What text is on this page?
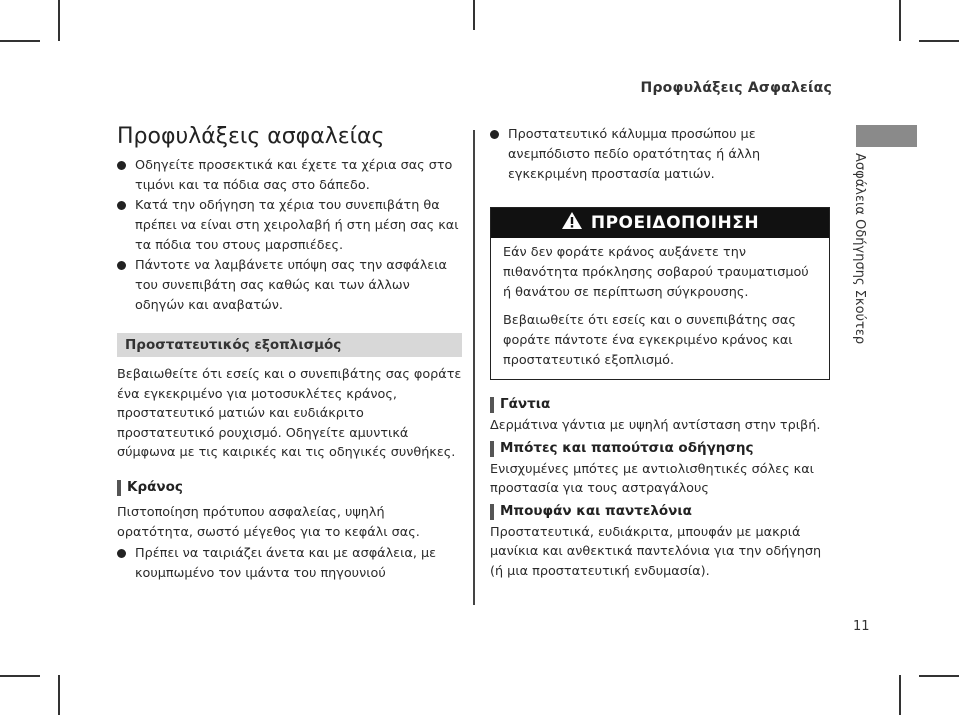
Προφυλάξεις Ασφαλείας
Ασφάλεια Οδήγησης Σκούτερ
Προφυλάξεις ασφαλείας

Οδηγείτε προσεκτικά και έχετε τα χέρια σας στο τιμόνι και τα πόδια σας στο δάπεδο.

Κατά την οδήγηση τα χέρια του συνεπιβάτη θα πρέπει να είναι στη χειρολαβή ή στη μέση σας και τα πόδια του στους μαρσπιέδες.

Πάντοτε να λαμβάνετε υπόψη σας την ασφάλεια του συνεπιβάτη σας καθώς και των άλλων οδηγών και αναβατών.

Προστατευτικός εξοπλισμός

Βεβαιωθείτε ότι εσείς και ο συνεπιβάτης σας φοράτε ένα εγκεκριμένο για μοτοσυκλέτες κράνος, προστατευτικό ματιών και ευδιάκριτο προστατευτικό ρουχισμό. Οδηγείτε αμυντικά σύμφωνα με τις καιρικές και τις οδηγικές συνθήκες.

Κράνος

Πιστοποίηση πρότυπου ασφαλείας, υψηλή ορατότητα, σωστό μέγεθος για το κεφάλι σας.

Πρέπει να ταιριάζει άνετα και με ασφάλεια, με κουμπωμένο τον ιμάντα του πηγουνιού

Προστατευτικό κάλυμμα προσώπου με ανεμπόδιστο πεδίο ορατότητας ή άλλη εγκεκριμένη προστασία ματιών.

ΠΡΟΕΙΔΟΠΟΙΗΣΗ

Εάν δεν φοράτε κράνος αυξάνετε την πιθανότητα πρόκλησης σοβαρού τραυματισμού ή θανάτου σε περίπτωση σύγκρουσης.

Βεβαιωθείτε ότι εσείς και ο συνεπιβάτης σας φοράτε πάντοτε ένα εγκεκριμένο κράνος και προστατευτικό εξοπλισμό.

Γάντια

Δερμάτινα γάντια με υψηλή αντίσταση στην τριβή.

Μπότες και παπούτσια οδήγησης

Ενισχυμένες μπότες με αντιολισθητικές σόλες και προστασία για τους αστραγάλους

Μπουφάν και παντελόνια

Προστατευτικά, ευδιάκριτα, μπουφάν με μακριά μανίκια και ανθεκτικά παντελόνια για την οδήγηση (ή μια προστατευτική ενδυμασία).

11
